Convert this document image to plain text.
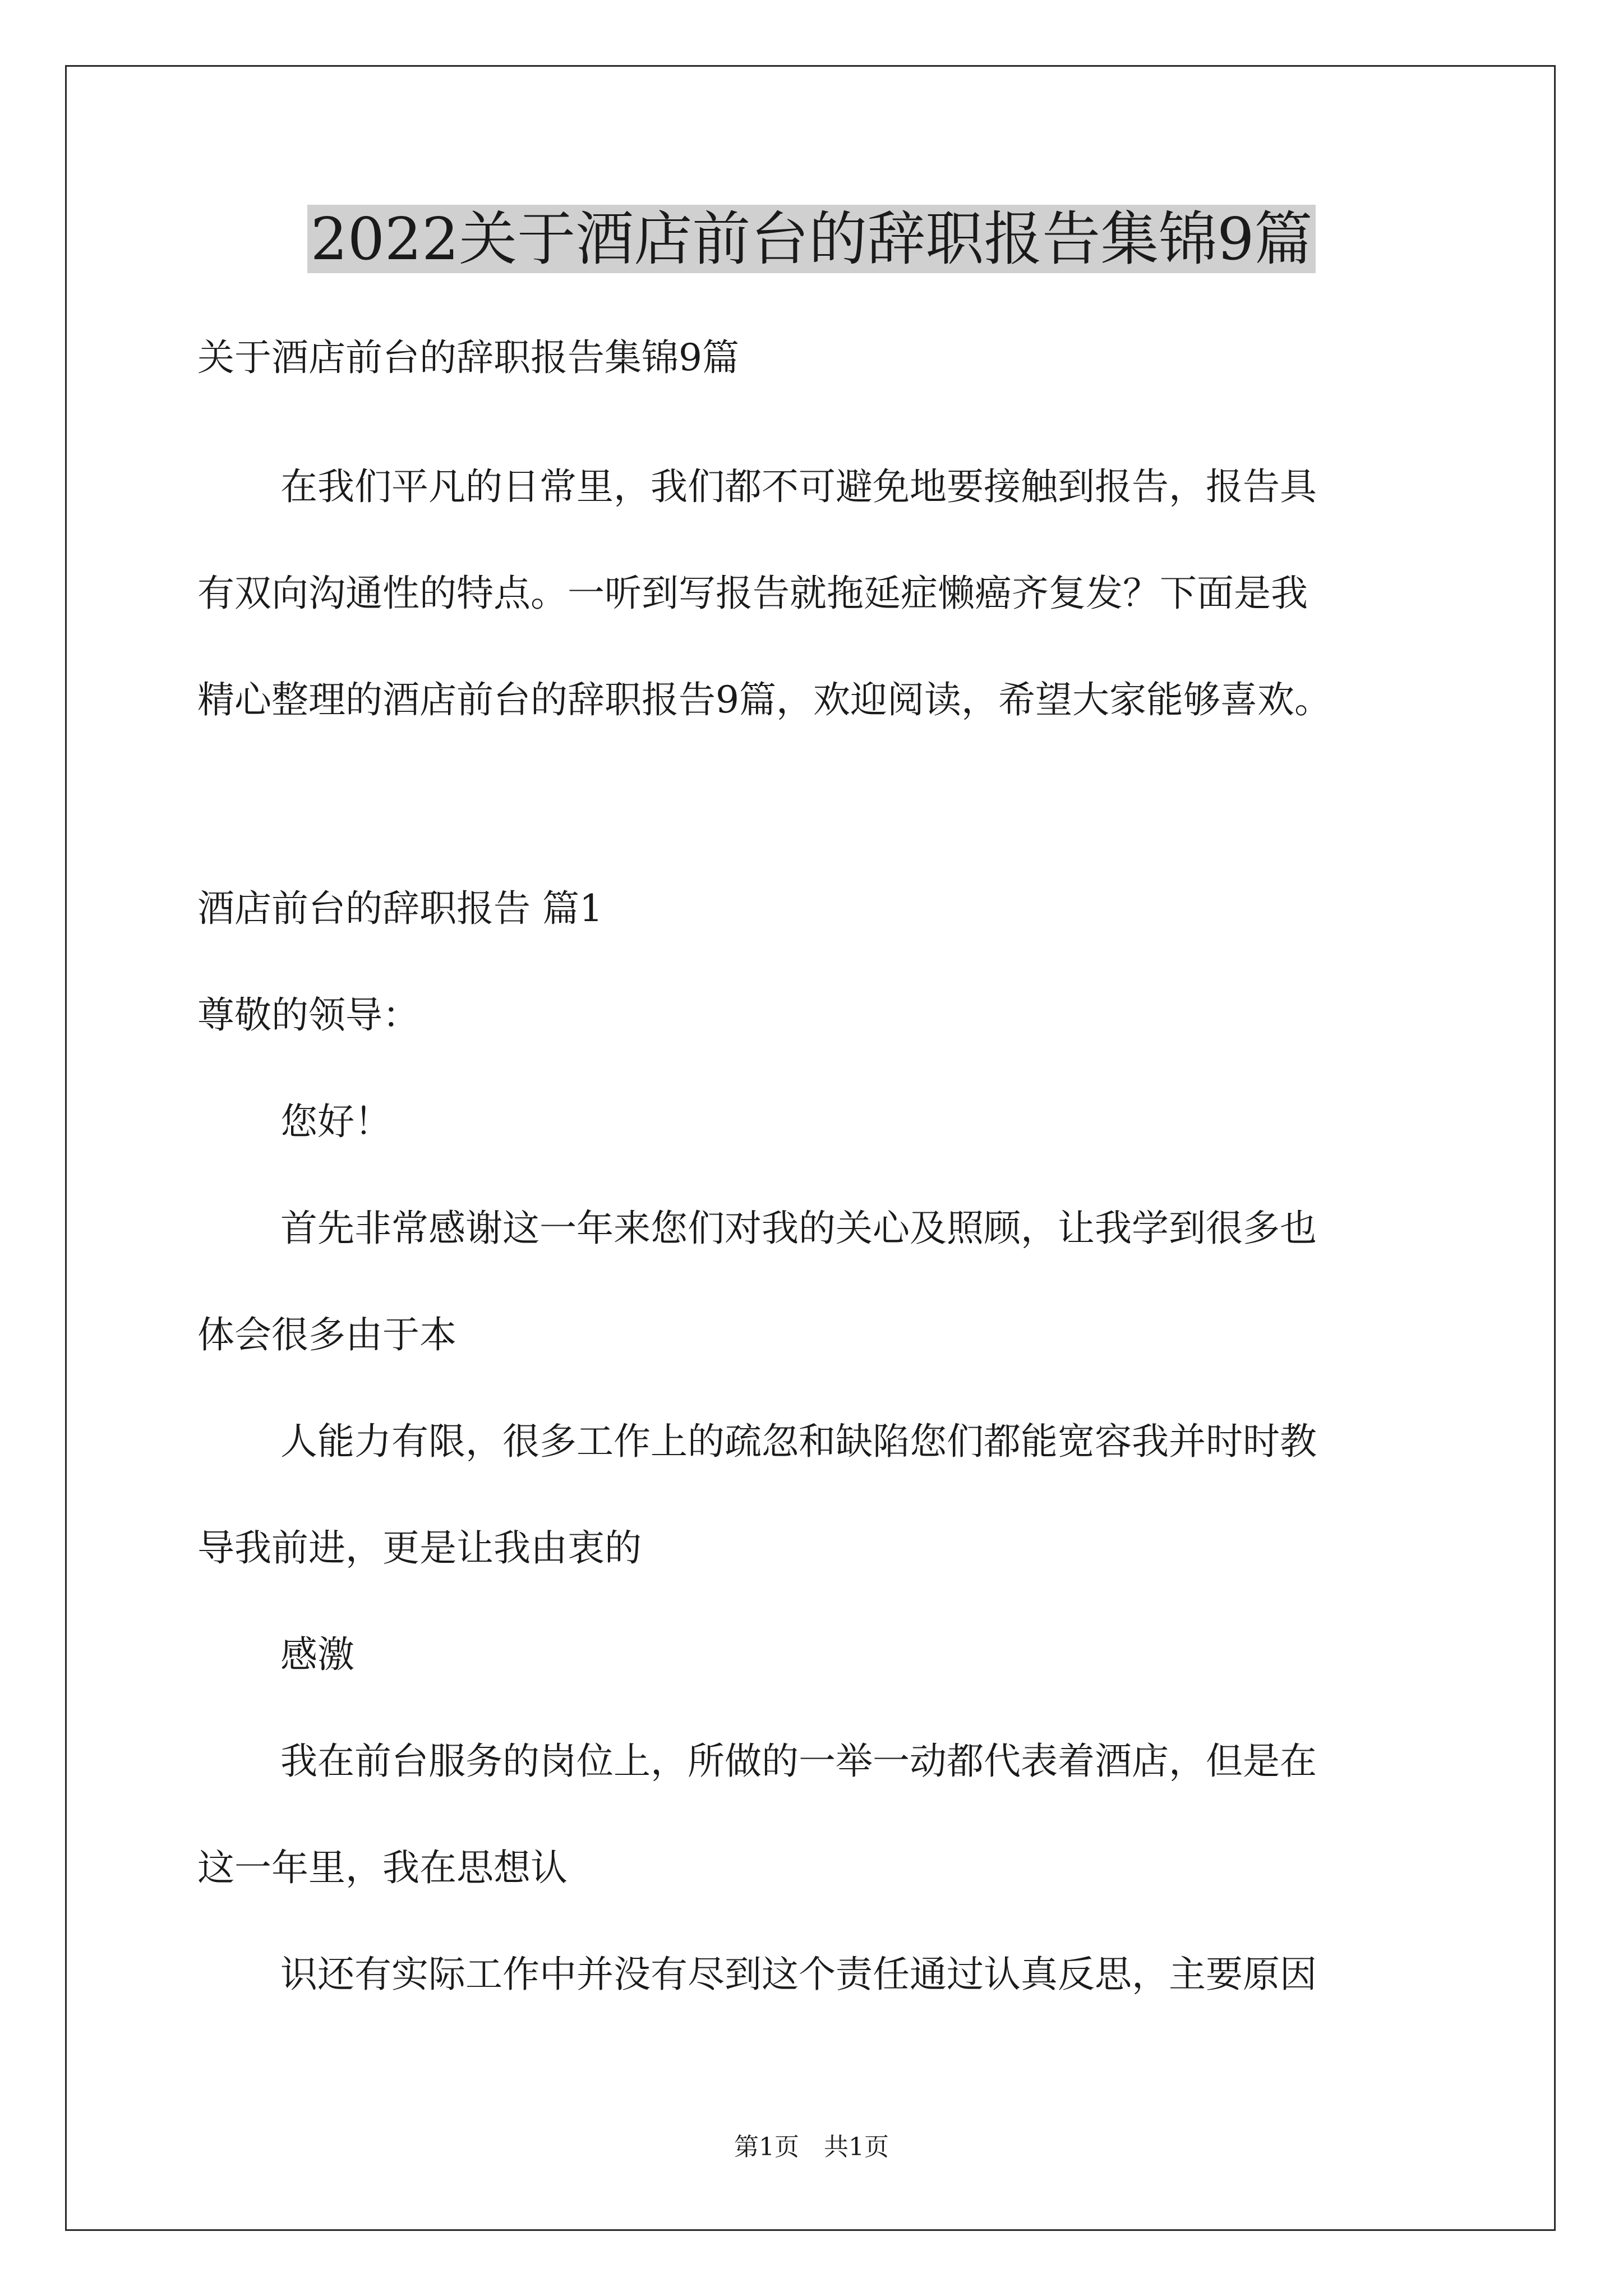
2022关于酒店前台的辞职报告集锦9篇

关于酒店前台的辞职报告集锦9篇

在我们平凡的日常里，我们都不可避免地要接触到报告，报告具

有双向沟通性的特点。一听到写报告就拖延症懒癌齐复发？下面是我

精心整理的酒店前台的辞职报告9篇，欢迎阅读，希望大家能够喜欢。

酒店前台的辞职报告 篇1

尊敬的领导：

您好！

首先非常感谢这一年来您们对我的关心及照顾，让我学到很多也

体会很多由于本

人能力有限，很多工作上的疏忽和缺陷您们都能宽容我并时时教

导我前进，更是让我由衷的

感激

我在前台服务的岗位上，所做的一举一动都代表着酒店，但是在

这一年里，我在思想认

识还有实际工作中并没有尽到这个责任通过认真反思，主要原因

第1页　共1页
